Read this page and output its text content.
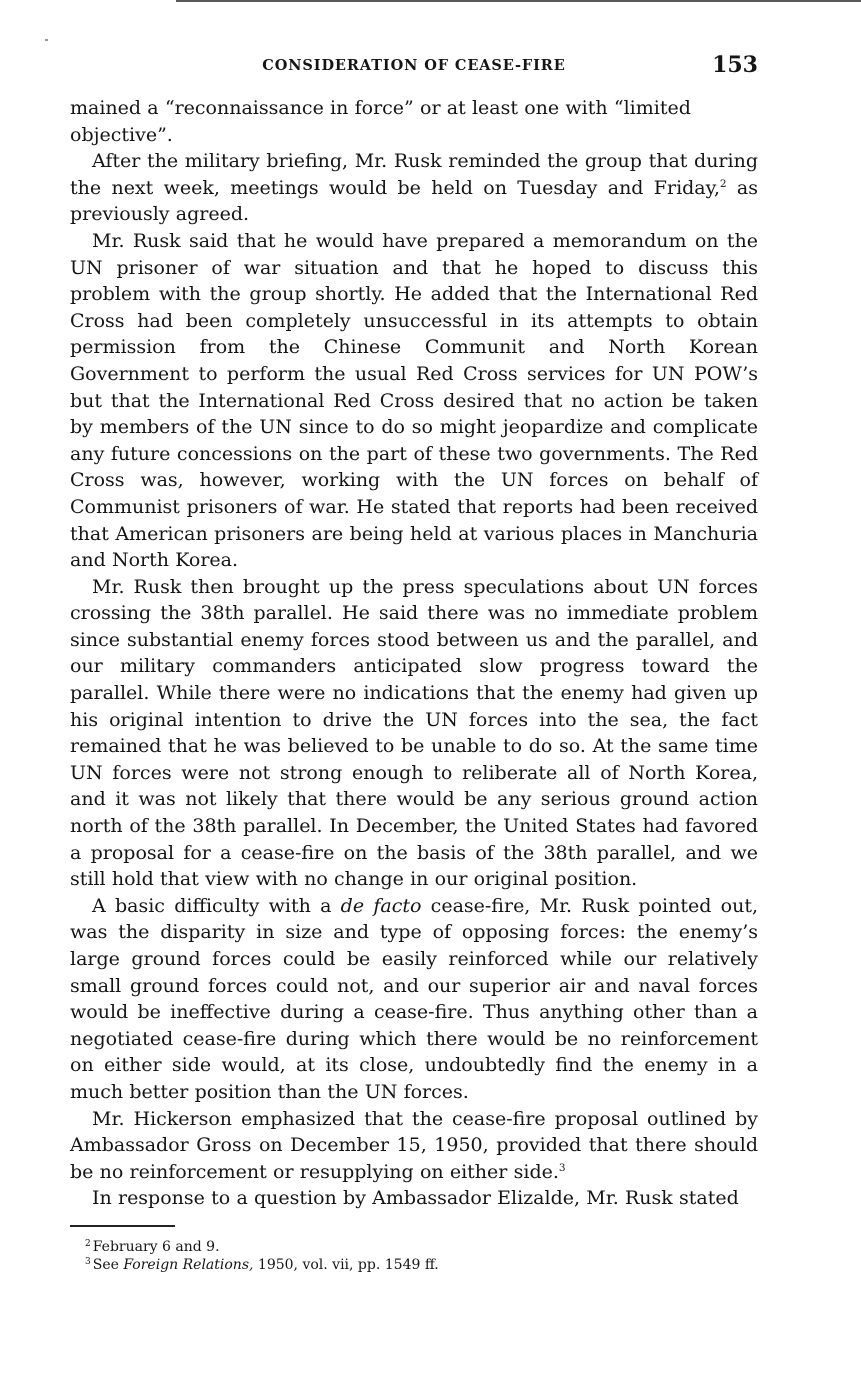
CONSIDERATION OF CEASE-FIRE	153

mained a “reconnaissance in force” or at least one with “limited
objective”.

After the military briefing, Mr. Rusk reminded the group that during the next week, meetings would be held on Tuesday and Friday,$^2$ as previously agreed.

Mr. Rusk said that he would have prepared a memorandum on the UN prisoner of war situation and that he hoped to discuss this problem with the group shortly. He added that the International Red Cross had been completely unsuccessful in its attempts to obtain permission from the Chinese Communit and North Korean Government to perform the usual Red Cross services for UN POW’s but that the International Red Cross desired that no action be taken by members of the UN since to do so might jeopardize and complicate any future concessions on the part of these two governments. The Red Cross was, however, working with the UN forces on behalf of Communist prisoners of war. He stated that reports had been received that American prisoners are being held at various places in Manchuria and North Korea.

Mr. Rusk then brought up the press speculations about UN forces crossing the 38th parallel. He said there was no immediate problem since substantial enemy forces stood between us and the parallel, and our military commanders anticipated slow progress toward the parallel. While there were no indications that the enemy had given up his original intention to drive the UN forces into the sea, the fact remained that he was believed to be unable to do so. At the same time UN forces were not strong enough to reliberate all of North Korea, and it was not likely that there would be any serious ground action north of the 38th parallel. In December, the United States had favored a proposal for a cease-fire on the basis of the 38th parallel, and we still hold that view with no change in our original position.

A basic difficulty with a de facto cease-fire, Mr. Rusk pointed out, was the disparity in size and type of opposing forces: the enemy’s large ground forces could be easily reinforced while our relatively small ground forces could not, and our superior air and naval forces would be ineffective during a cease-fire. Thus anything other than a negotiated cease-fire during which there would be no reinforcement on either side would, at its close, undoubtedly find the enemy in a much better position than the UN forces.

Mr. Hickerson emphasized that the cease-fire proposal outlined by Ambassador Gross on December 15, 1950, provided that there should be no reinforcement or resupplying on either side.$^3$

In response to a question by Ambassador Elizalde, Mr. Rusk stated

$^2$ February 6 and 9.

$^3$ See Foreign Relations, 1950, vol. vii, pp. 1549 ff.
